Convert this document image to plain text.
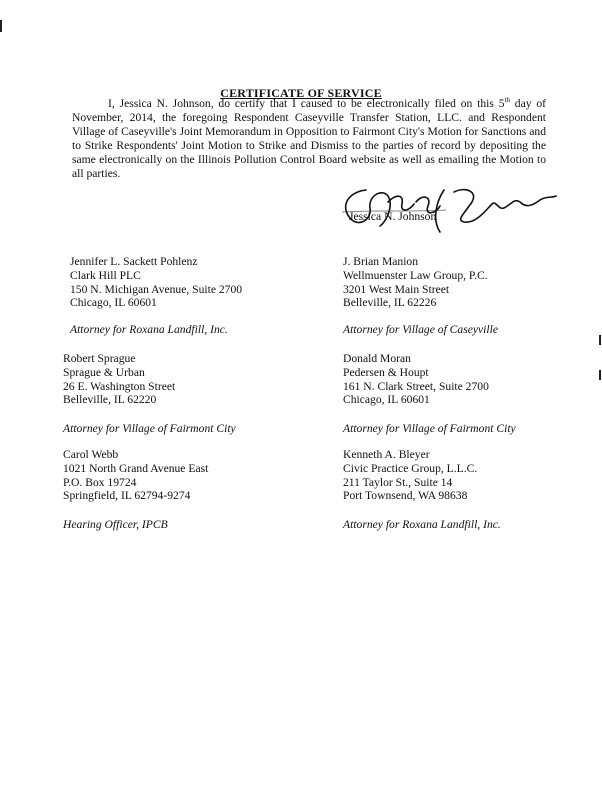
CERTIFICATE OF SERVICE

I, Jessica N. Johnson, do certify that I caused to be electronically filed on this 5th day of November, 2014, the foregoing Respondent Caseyville Transfer Station, LLC. and Respondent Village of Caseyville's Joint Memorandum in Opposition to Fairmont City's Motion for Sanctions and to Strike Respondents' Joint Motion to Strike and Dismiss to the parties of record by depositing the same electronically on the Illinois Pollution Control Board website as well as emailing the Motion to all parties.

Jessica N. Johnson
Jennifer L. Sackett Pohlenz
Clark Hill PLC
150 N. Michigan Avenue, Suite 2700
Chicago, IL 60601
Attorney for Roxana Landfill, Inc.
Robert Sprague
Sprague & Urban
26 E. Washington Street
Belleville, IL 62220
Attorney for Village of Fairmont City
Carol Webb
1021 North Grand Avenue East
P.O. Box 19724
Springfield, IL 62794-9274
Hearing Officer, IPCB
J. Brian Manion
Wellmuenster Law Group, P.C.
3201 West Main Street
Belleville, IL 62226
Attorney for Village of Caseyville
Donald Moran
Pedersen & Houpt
161 N. Clark Street, Suite 2700
Chicago, IL 60601
Attorney for Village of Fairmont City
Kenneth A. Bleyer
Civic Practice Group, L.L.C.
211 Taylor St., Suite 14
Port Townsend, WA 98638
Attorney for Roxana Landfill, Inc.
